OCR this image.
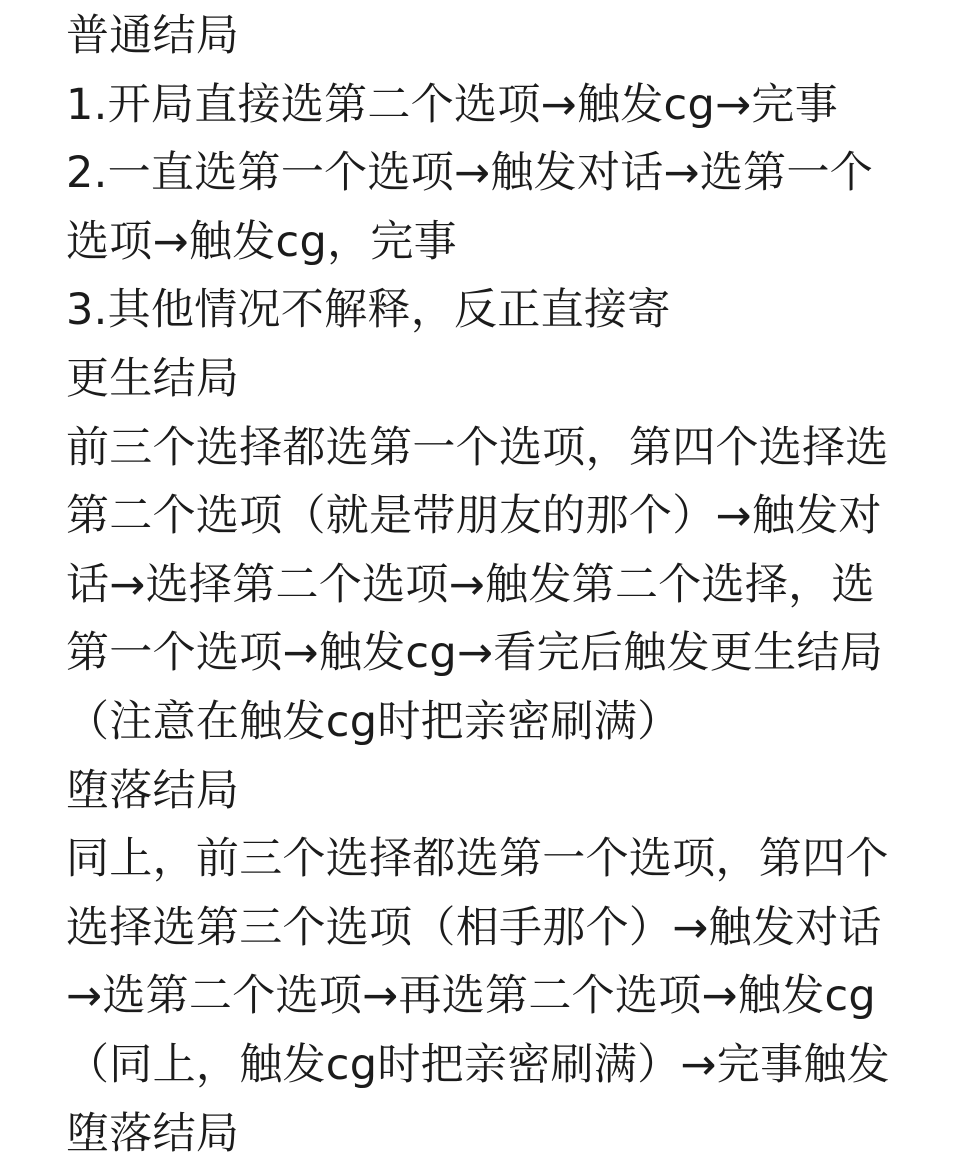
普通结局
1.开局直接选第二个选项→触发cg→完事
2.一直选第一个选项→触发对话→选第一个
选项→触发cg，完事
3.其他情况不解释，反正直接寄
更生结局
前三个选择都选第一个选项，第四个选择选
第二个选项（就是带朋友的那个）→触发对
话→选择第二个选项→触发第二个选择，选
第一个选项→触发cg→看完后触发更生结局
（注意在触发cg时把亲密刷满）
堕落结局
同上，前三个选择都选第一个选项，第四个
选择选第三个选项（相手那个）→触发对话
→选第二个选项→再选第二个选项→触发cg
（同上，触发cg时把亲密刷满）→完事触发
堕落结局
